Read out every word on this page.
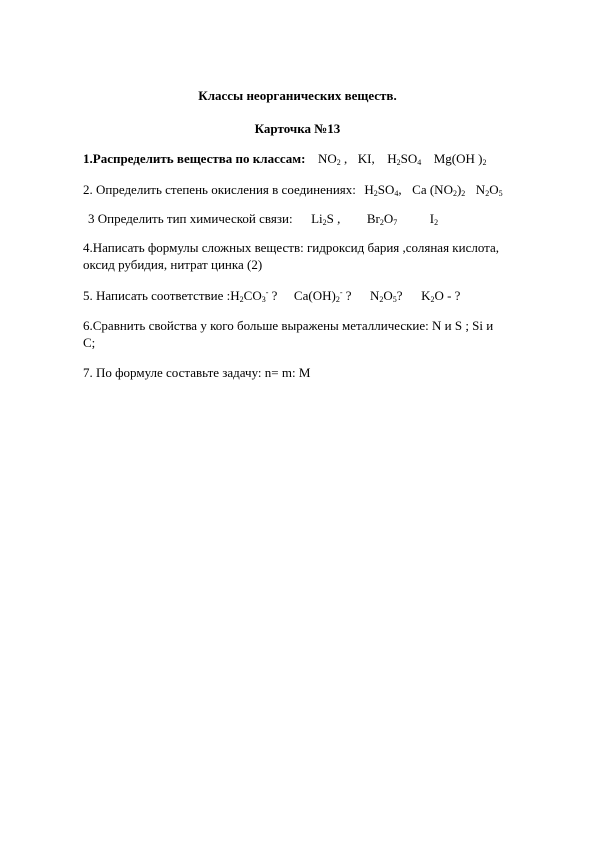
Классы неорганических веществ.
Карточка №13
1.Распределить вещества по классам: $NO_2$ , KI, $H_2SO_4$ Mg(OH )$_2$
2. Определить степень окисления в соединениях: $H_2SO_4$, Ca $(NO_2)_2$ $N_2O_5$
3 Определить тип химической связи: $Li_2S$ , $Br_2O_7$	$I_2$
4.Написать формулы сложных веществ: гидроксид бария ,соляная кислота,
оксид рубидия, нитрат цинка (2)
5. Написать соответствие $:H_2CO_3^-$ ? $Ca(OH)_2^-$ ? $N_2O_5$? $K_2O$ - ?
6.Сравнить свойства у кого больше выражены металлические: N и S ; Si и
C;
7. По формуле составьте задачу: n= m: M
